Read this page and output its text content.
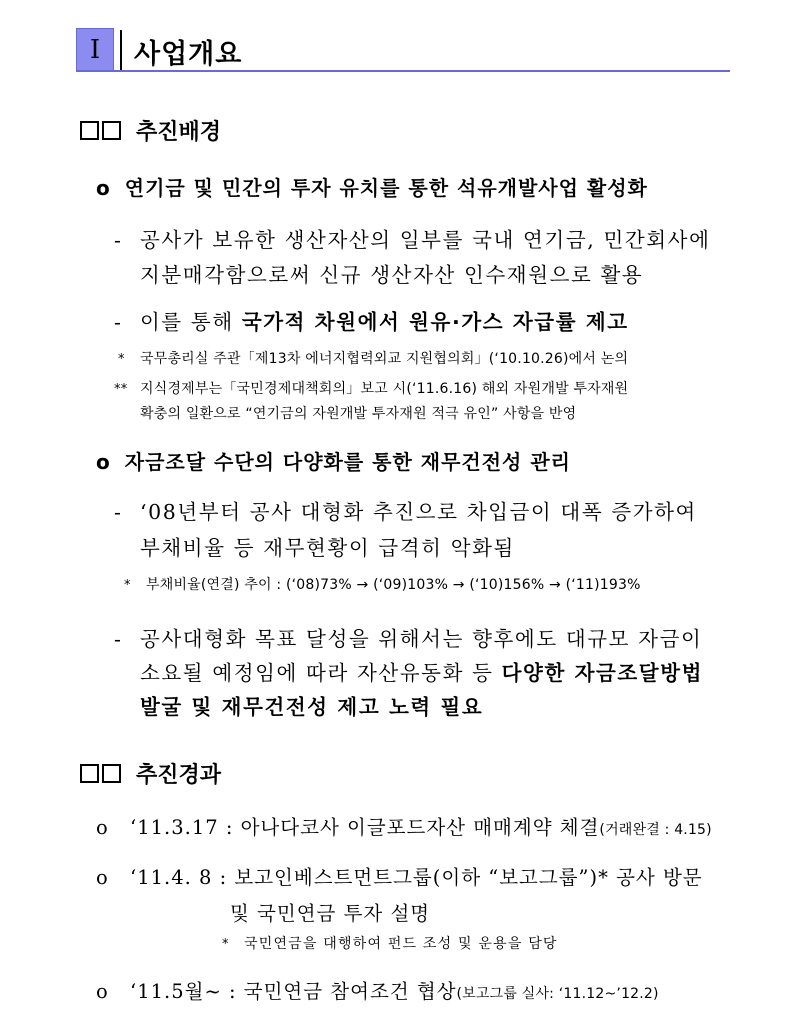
I 사업개요
추진배경
o 연기금 및 민간의 투자 유치를 통한 석유개발사업 활성화
- 공사가 보유한 생산자산의 일부를 국내 연기금, 민간회사에
지분매각함으로써 신규 생산자산 인수재원으로 활용
- 이를 통해 국가적 차원에서 원유·가스 자급률 제고
* 국무총리실 주관「제13차 에너지협력외교 지원협의회」(‘10.10.26)에서 논의
** 지식경제부는「국민경제대책회의」보고 시(‘11.6.16) 해외 자원개발 투자재원
확충의 일환으로 “연기금의 자원개발 투자재원 적극 유인” 사항을 반영
o 자금조달 수단의 다양화를 통한 재무건전성 관리
- ‘08년부터 공사 대형화 추진으로 차입금이 대폭 증가하여
부채비율 등 재무현황이 급격히 악화됨
* 부채비율(연결) 추이 : (‘08)73% → (‘09)103% → (‘10)156% → (‘11)193%
- 공사대형화 목표 달성을 위해서는 향후에도 대규모 자금이
소요될 예정임에 따라 자산유동화 등 다양한 자금조달방법
발굴 및 재무건전성 제고 노력 필요
추진경과
o ‘11.3.17 : 아나다코사 이글포드자산 매매계약 체결(거래완결 : 4.15)
o ‘11.4. 8 : 보고인베스트먼트그룹(이하 “보고그룹”)* 공사 방문
및 국민연금 투자 설명
* 국민연금을 대행하여 펀드 조성 및 운용을 담당
o ‘11.5월~ : 국민연금 참여조건 협상(보고그룹 실사: ‘11.12~’12.2)
